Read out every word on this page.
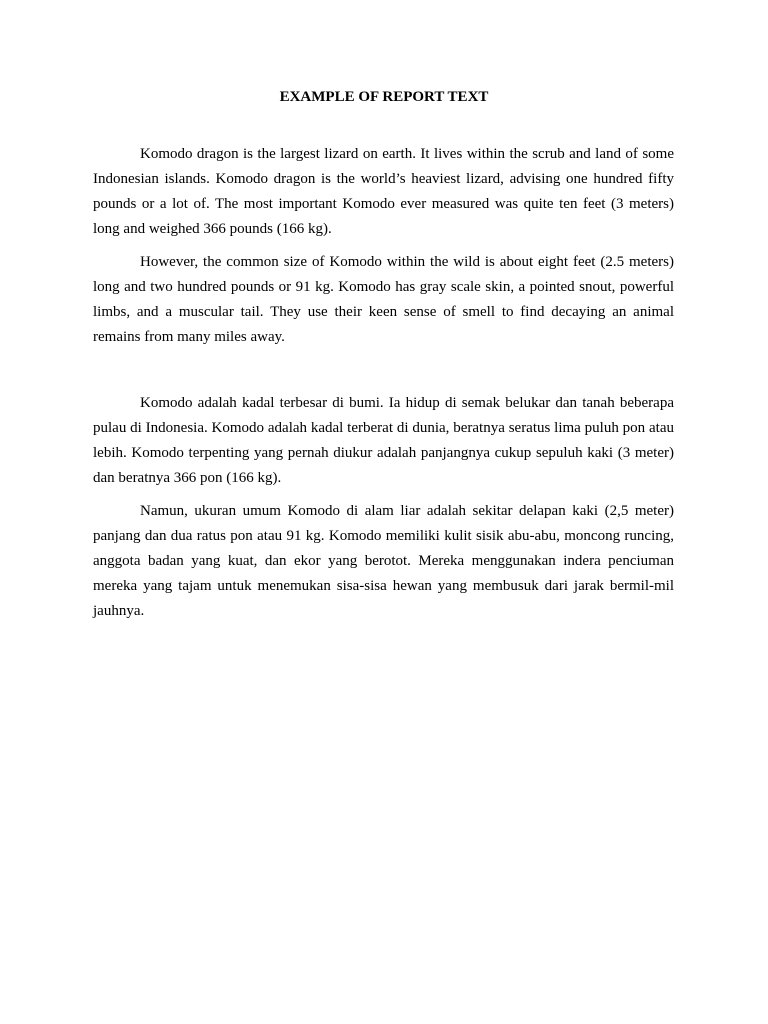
EXAMPLE OF REPORT TEXT

Komodo dragon is the largest lizard on earth. It lives within the scrub and land of some Indonesian islands. Komodo dragon is the world’s heaviest lizard, advising one hundred fifty pounds or a lot of. The most important Komodo ever measured was quite ten feet (3 meters) long and weighed 366 pounds (166 kg).

However, the common size of Komodo within the wild is about eight feet (2.5 meters) long and two hundred pounds or 91 kg. Komodo has gray scale skin, a pointed snout, powerful limbs, and a muscular tail. They use their keen sense of smell to find decaying an animal remains from many miles away.

Komodo adalah kadal terbesar di bumi. Ia hidup di semak belukar dan tanah beberapa pulau di Indonesia. Komodo adalah kadal terberat di dunia, beratnya seratus lima puluh pon atau lebih. Komodo terpenting yang pernah diukur adalah panjangnya cukup sepuluh kaki (3 meter) dan beratnya 366 pon (166 kg).

Namun, ukuran umum Komodo di alam liar adalah sekitar delapan kaki (2,5 meter) panjang dan dua ratus pon atau 91 kg. Komodo memiliki kulit sisik abu-abu, moncong runcing, anggota badan yang kuat, dan ekor yang berotot. Mereka menggunakan indera penciuman mereka yang tajam untuk menemukan sisa-sisa hewan yang membusuk dari jarak bermil-mil jauhnya.
